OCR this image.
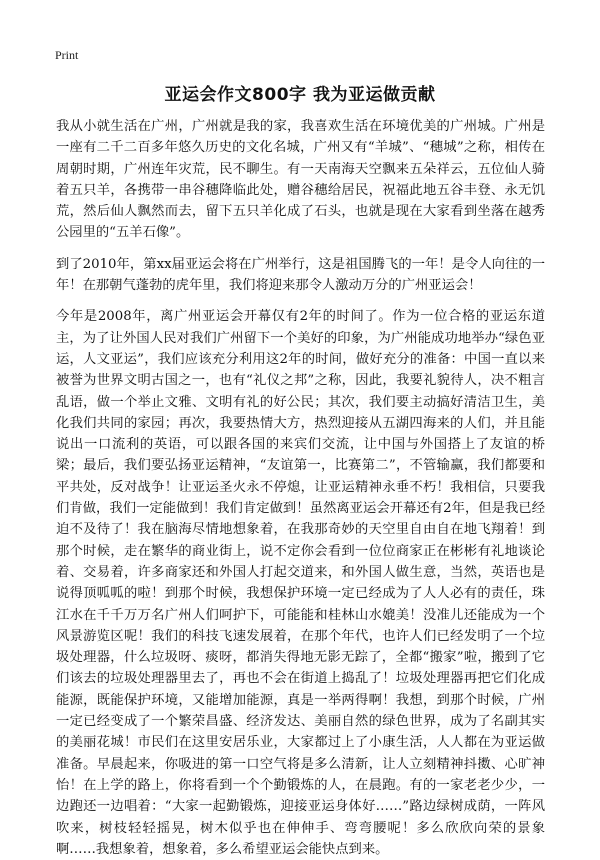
Print
亚运会作文800字 我为亚运做贡献

我从小就生活在广州，广州就是我的家，我喜欢生活在环境优美的广州城。广州是一座有二千二百多年悠久历史的文化名城，广州又有“羊城”、“穗城”之称，相传在周朝时期，广州连年灾荒，民不聊生。有一天南海天空飘来五朵祥云，五位仙人骑着五只羊，各携带一串谷穗降临此处，赠谷穗给居民，祝福此地五谷丰登、永无饥荒，然后仙人飘然而去，留下五只羊化成了石头，也就是现在大家看到坐落在越秀公园里的“五羊石像”。

到了2010年，第xx届亚运会将在广州举行，这是祖国腾飞的一年！是令人向往的一年！在那朝气蓬勃的虎年里，我们将迎来那令人激动万分的广州亚运会！

今年是2008年，离广州亚运会开幕仅有2年的时间了。作为一位合格的亚运东道主，为了让外国人民对我们广州留下一个美好的印象，为广州能成功地举办“绿色亚运，人文亚运”，我们应该充分利用这2年的时间，做好充分的准备：中国一直以来被誉为世界文明古国之一，也有“礼仪之邦”之称，因此，我要礼貌待人，决不粗言乱语，做一个举止文雅、文明有礼的好公民；其次，我们要主动搞好清洁卫生，美化我们共同的家园；再次，我要热情大方，热烈迎接从五湖四海来的人们，并且能说出一口流利的英语，可以跟各国的来宾们交流，让中国与外国搭上了友谊的桥梁；最后，我们要弘扬亚运精神，“友谊第一，比赛第二”，不管输赢，我们都要和平共处，反对战争！让亚运圣火永不停熄，让亚运精神永垂不朽！我相信，只要我们肯做，我们一定能做到！我们肯定做到！虽然离亚运会开幕还有2年，但是我已经迫不及待了！我在脑海尽情地想象着，在我那奇妙的天空里自由自在地飞翔着！到那个时候，走在繁华的商业街上，说不定你会看到一位位商家正在彬彬有礼地谈论着、交易着，许多商家还和外国人打起交道来，和外国人做生意，当然，英语也是说得顶呱呱的啦！到那个时候，我想保护环境一定已经成为了人人必有的责任，珠江水在千千万万名广州人们呵护下，可能能和桂林山水媲美！没准儿还能成为一个风景游览区呢！我们的科技飞速发展着，在那个年代，也许人们已经发明了一个垃圾处理器，什么垃圾呀、痰呀，都消失得地无影无踪了，全都“搬家”啦，搬到了它们该去的垃圾处理器里去了，再也不会在街道上捣乱了！垃圾处理器再把它们化成能源，既能保护环境，又能增加能源，真是一举两得啊！我想，到那个时候，广州一定已经变成了一个繁荣昌盛、经济发达、美丽自然的绿色世界，成为了名副其实的美丽花城！市民们在这里安居乐业，大家都过上了小康生活，人人都在为亚运做准备。早晨起来，你吸进的第一口空气将是多么清新，让人立刻精神抖擞、心旷神怡！在上学的路上，你将看到一个个勤锻炼的人，在晨跑。有的一家老老少少，一边跑还一边唱着：“大家一起勤锻炼，迎接亚运身体好……”路边绿树成荫，一阵风吹来，树枝轻轻摇晃，树木似乎也在伸伸手、弯弯腰呢！多么欣欣向荣的景象啊……我想象着，想象着，多么希望亚运会能快点到来。
